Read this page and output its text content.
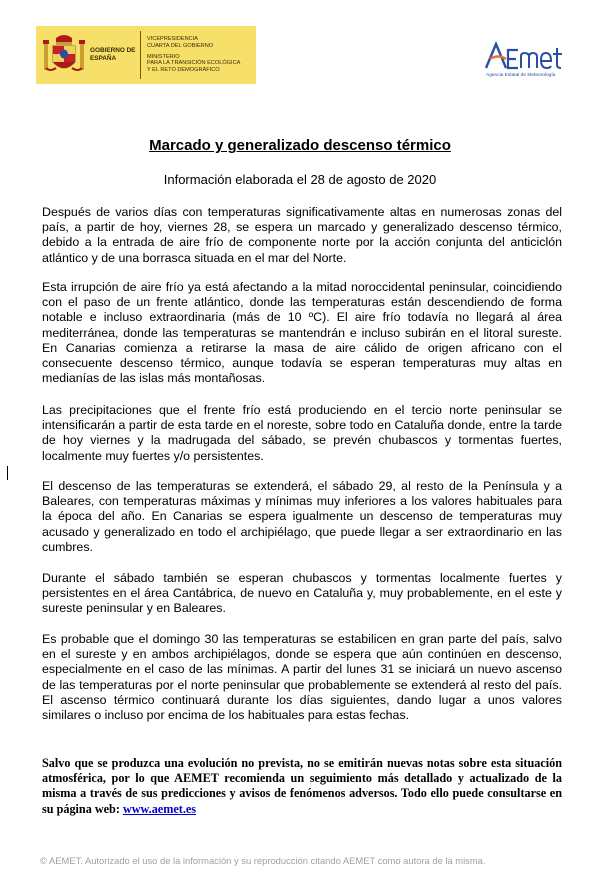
GOBIERNO DE ESPAÑA
VICEPRESIDENCIA
CUARTA DEL GOBIERNO
MINISTERIO
PARA LA TRANSICIÓN ECOLÓGICA
Y EL RETO DEMOGRÁFICO
Agencia Estatal de Meteorología
Marcado y generalizado descenso térmico
Información elaborada el 28 de agosto de 2020

Después de varios días con temperaturas significativamente altas en numerosas zonas del país, a partir de hoy, viernes 28, se espera un marcado y generalizado descenso térmico, debido a la entrada de aire frío de componente norte por la acción conjunta del anticiclón atlántico y de una borrasca situada en el mar del Norte.

Esta irrupción de aire frío ya está afectando a la mitad noroccidental peninsular, coincidiendo con el paso de un frente atlántico, donde las temperaturas están descendiendo de forma notable e incluso extraordinaria (más de 10 ºC). El aire frío todavía no llegará al área mediterránea, donde las temperaturas se mantendrán e incluso subirán en el litoral sureste. En Canarias comienza a retirarse la masa de aire cálido de origen africano con el consecuente descenso térmico, aunque todavía se esperan temperaturas muy altas en medianías de las islas más montañosas.

Las precipitaciones que el frente frío está produciendo en el tercio norte peninsular se intensificarán a partir de esta tarde en el noreste, sobre todo en Cataluña donde, entre la tarde de hoy viernes y la madrugada del sábado, se prevén chubascos y tormentas fuertes, localmente muy fuertes y/o persistentes.

El descenso de las temperaturas se extenderá, el sábado 29, al resto de la Península y a Baleares, con temperaturas máximas y mínimas muy inferiores a los valores habituales para la época del año. En Canarias se espera igualmente un descenso de temperaturas muy acusado y generalizado en todo el archipiélago, que puede llegar a ser extraordinario en las cumbres.

Durante el sábado también se esperan chubascos y tormentas localmente fuertes y persistentes en el área Cantábrica, de nuevo en Cataluña y, muy probablemente, en el este y sureste peninsular y en Baleares.

Es probable que el domingo 30 las temperaturas se estabilicen en gran parte del país, salvo en el sureste y en ambos archipiélagos, donde se espera que aún continúen en descenso, especialmente en el caso de las mínimas. A partir del lunes 31 se iniciará un nuevo ascenso de las temperaturas por el norte peninsular que probablemente se extenderá al resto del país. El ascenso térmico continuará durante los días siguientes, dando lugar a unos valores similares o incluso por encima de los habituales para estas fechas.

Salvo que se produzca una evolución no prevista, no se emitirán nuevas notas sobre esta situación atmosférica, por lo que AEMET recomienda un seguimiento más detallado y actualizado de la misma a través de sus predicciones y avisos de fenómenos adversos. Todo ello puede consultarse en su página web: www.aemet.es

© AEMET. Autorizado el uso de la información y su reproducción citando AEMET como autora de la misma.
